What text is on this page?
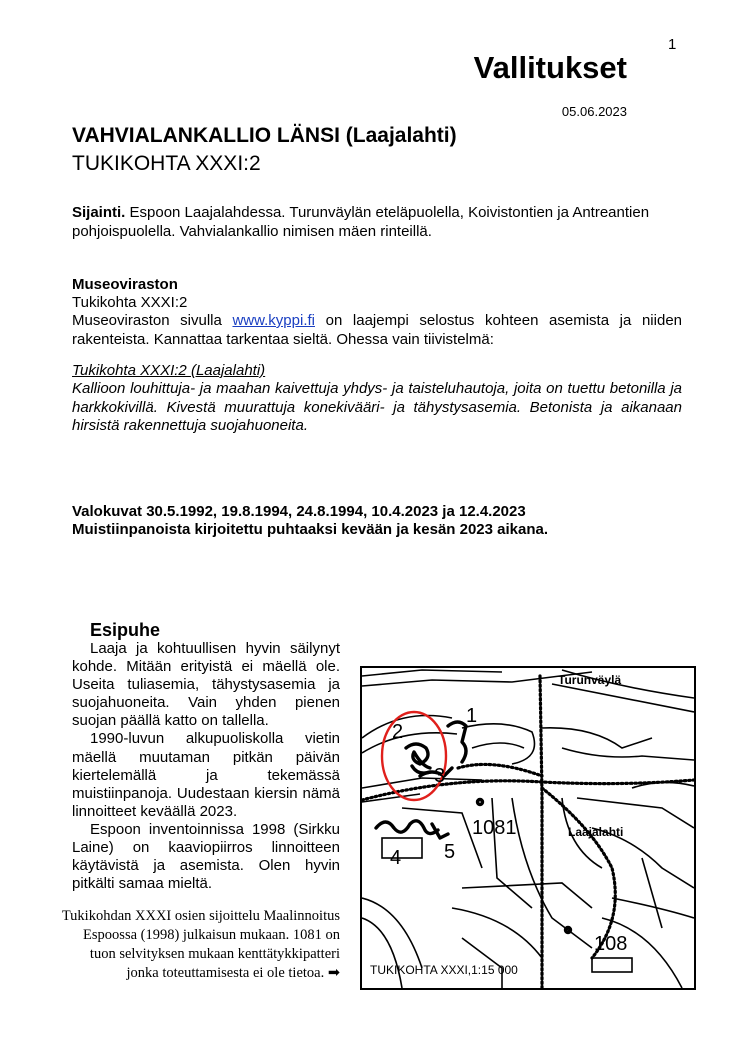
1
Vallitukset
05.06.2023
VAHVIALANKALLIO LÄNSI (Laajalahti)
TUKIKOHTA XXXI:2
Sijainti. Espoon Laajalahdessa. Turunväylän eteläpuolella, Koivistontien ja Antreantien pohjoispuolella. Vahvialankallio nimisen mäen rinteillä.
Museoviraston
Tukikohta XXXI:2
Museoviraston sivulla www.kyppi.fi on laajempi selostus kohteen asemista ja niiden rakenteista. Kannattaa tarkentaa sieltä. Ohessa vain tiivistelmä:
Tukikohta XXXI:2 (Laajalahti)
Kallioon louhittuja- ja maahan kaivettuja yhdys- ja taisteluhautoja, joita on tuettu betonilla ja harkkokivillä. Kivestä muurattuja konekivääri- ja tähystysasemia. Betonista ja aikanaan hirsistä rakennettuja suojahuoneita.
Valokuvat 30.5.1992, 19.8.1994, 24.8.1994, 10.4.2023 ja 12.4.2023
Muistiinpanoista kirjoitettu puhtaaksi kevään ja kesän 2023 aikana.
Esipuhe

Laaja ja kohtuullisen hyvin säilynyt kohde. Mitään erityistä ei mäellä ole. Useita tuliasemia, tähystysasemia ja suojahuoneita. Vain yhden pienen suojan päällä katto on tallella.

1990-luvun alkupuoliskolla vietin mäellä muutaman pitkän päivän kiertelemällä ja tekemässä muistiinpanoja. Uudestaan kiersin nämä linnoitteet keväällä 2023.

Espoon inventoinnissa 1998 (Sirkku Laine) on kaaviopiirros linnoitteen käytävistä ja asemista. Olen hyvin pitkälti samaa mieltä.

Tukikohdan XXXI osien sijoittelu Maalinnoitus Espoossa (1998) julkaisun mukaan. 1081 on tuon selvityksen mukaan kenttätykkipatteri jonka toteuttamisesta ei ole tietoa. ➡
Turunväylä
Laajalahti
1081
108
1
2
3
4 5
TUKIKOHTA XXXI,1:15 000
